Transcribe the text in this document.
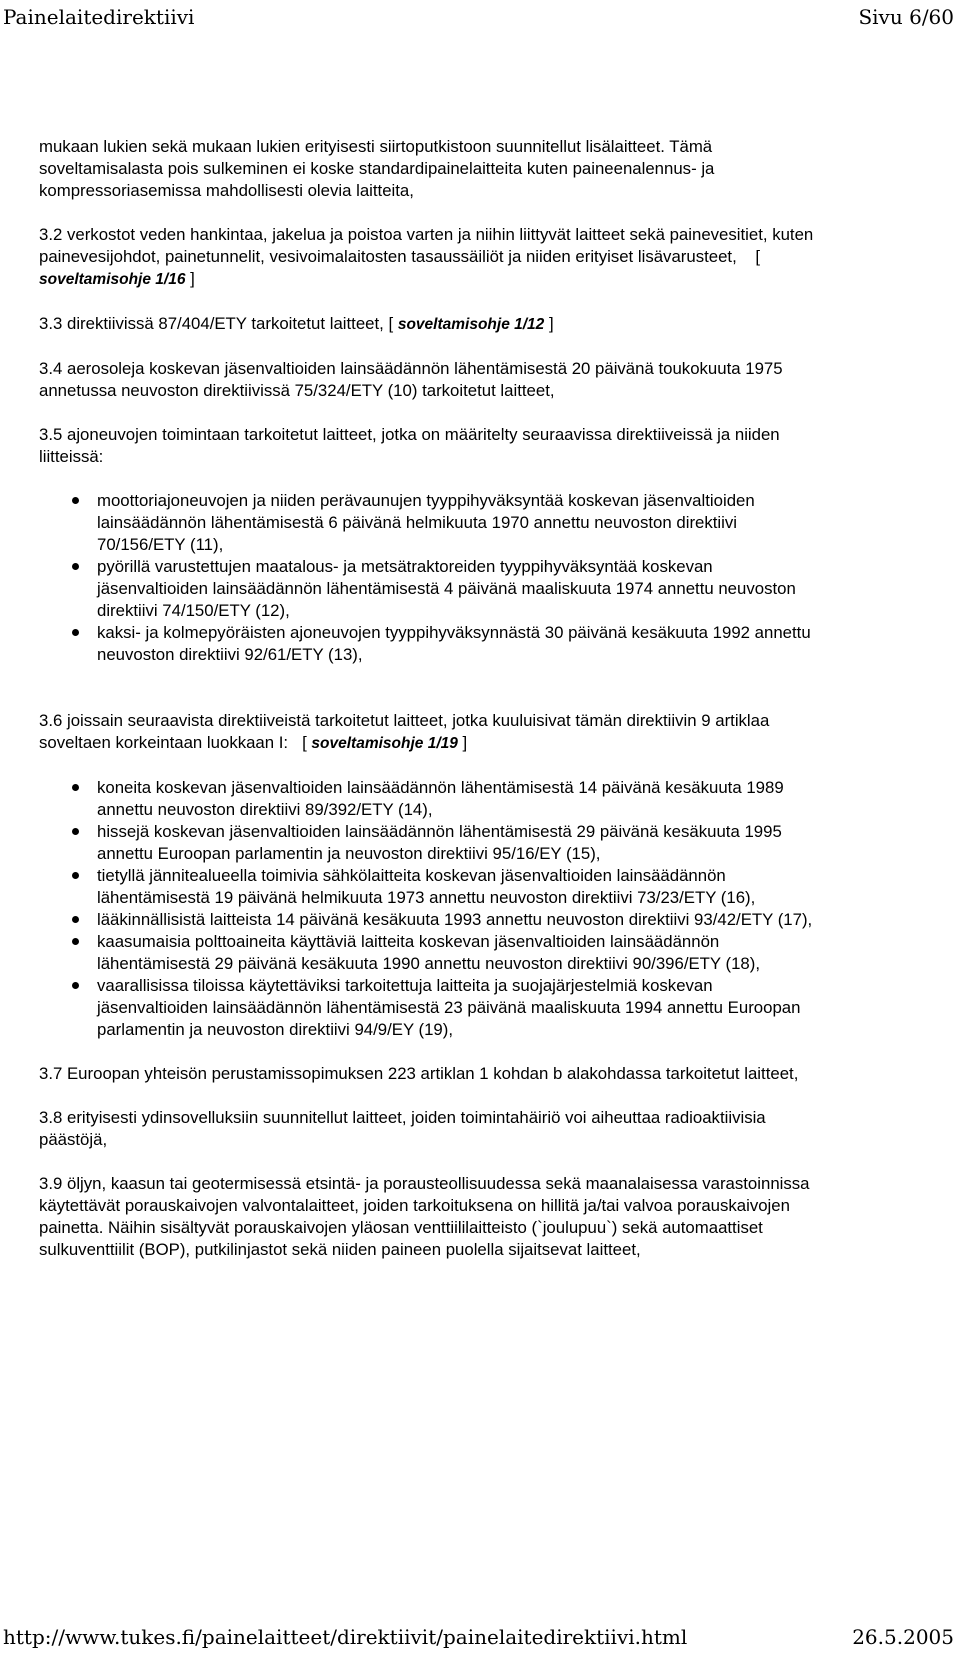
Painelaitedirektiivi	Sivu 6/60

mukaan lukien sekä mukaan lukien erityisesti siirtoputkistoon suunnitellut lisälaitteet. Tämä soveltamisalasta pois sulkeminen ei koske standardipainelaitteita kuten paineenalennus- ja kompressoriasemissa mahdollisesti olevia laitteita,

3.2 verkostot veden hankintaa, jakelua ja poistoa varten ja niihin liittyvät laitteet sekä painevesitiet, kuten painevesijohdot, painetunnelit, vesivoimalaitosten tasaussäiliöt ja niiden erityiset lisävarusteet,    [ soveltamisohje 1/16 ]

3.3 direktiivissä 87/404/ETY tarkoitetut laitteet, [ soveltamisohje 1/12 ]

3.4 aerosoleja koskevan jäsenvaltioiden lainsäädännön lähentämisestä 20 päivänä toukokuuta 1975 annetussa neuvoston direktiivissä 75/324/ETY (10) tarkoitetut laitteet,

3.5 ajoneuvojen toimintaan tarkoitetut laitteet, jotka on määritelty seuraavissa direktiiveissä ja niiden liitteissä:

moottoriajoneuvojen ja niiden perävaunujen tyyppihyväksyntää koskevan jäsenvaltioiden lainsäädännön lähentämisestä 6 päivänä helmikuuta 1970 annettu neuvoston direktiivi 70/156/ETY (11),
pyörillä varustettujen maatalous- ja metsätraktoreiden tyyppihyväksyntää koskevan jäsenvaltioiden lainsäädännön lähentämisestä 4 päivänä maaliskuuta 1974 annettu neuvoston direktiivi 74/150/ETY (12),
kaksi- ja kolmepyöräisten ajoneuvojen tyyppihyväksynnästä 30 päivänä kesäkuuta 1992 annettu neuvoston direktiivi 92/61/ETY (13),

3.6 joissain seuraavista direktiiveistä tarkoitetut laitteet, jotka kuuluisivat tämän direktiivin 9 artiklaa soveltaen korkeintaan luokkaan I:   [ soveltamisohje 1/19 ]

koneita koskevan jäsenvaltioiden lainsäädännön lähentämisestä 14 päivänä kesäkuuta 1989 annettu neuvoston direktiivi 89/392/ETY (14),
hissejä koskevan jäsenvaltioiden lainsäädännön lähentämisestä 29 päivänä kesäkuuta 1995 annettu Euroopan parlamentin ja neuvoston direktiivi 95/16/EY (15),
tietyllä jännitealueella toimivia sähkölaitteita koskevan jäsenvaltioiden lainsäädännön lähentämisestä 19 päivänä helmikuuta 1973 annettu neuvoston direktiivi 73/23/ETY (16),
lääkinnällisistä laitteista 14 päivänä kesäkuuta 1993 annettu neuvoston direktiivi 93/42/ETY (17),
kaasumaisia polttoaineita käyttäviä laitteita koskevan jäsenvaltioiden lainsäädännön lähentämisestä 29 päivänä kesäkuuta 1990 annettu neuvoston direktiivi 90/396/ETY (18),
vaarallisissa tiloissa käytettäviksi tarkoitettuja laitteita ja suojajärjestelmiä koskevan jäsenvaltioiden lainsäädännön lähentämisestä 23 päivänä maaliskuuta 1994 annettu Euroopan parlamentin ja neuvoston direktiivi 94/9/EY (19),

3.7 Euroopan yhteisön perustamissopimuksen 223 artiklan 1 kohdan b alakohdassa tarkoitetut laitteet,

3.8 erityisesti ydinsovelluksiin suunnitellut laitteet, joiden toimintahäiriö voi aiheuttaa radioaktiivisia päästöjä,

3.9 öljyn, kaasun tai geotermisessä etsintä- ja porausteollisuudessa sekä maanalaisessa varastoinnissa käytettävät porauskaivojen valvontalaitteet, joiden tarkoituksena on hillitä ja/tai valvoa porauskaivojen painetta. Näihin sisältyvät porauskaivojen yläosan venttiililaitteisto (`joulupuu`) sekä automaattiset sulkuventtiilit (BOP), putkilinjastot sekä niiden paineen puolella sijaitsevat laitteet,

http://www.tukes.fi/painelaitteet/direktiivit/painelaitedirektiivi.html	26.5.2005
